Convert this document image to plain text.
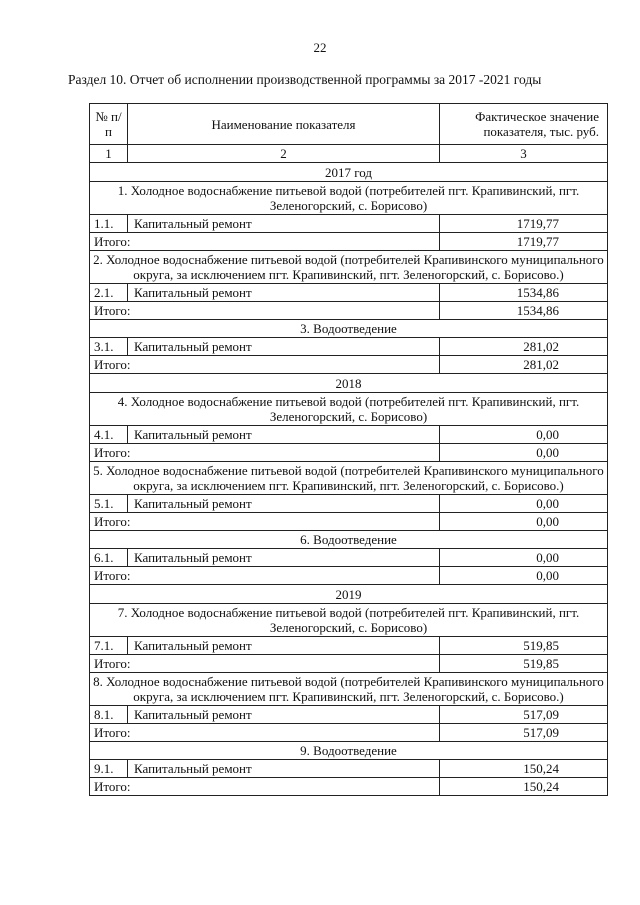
22
Раздел 10. Отчет об исполнении производственной программы за 2017 -2021 годы
№ п/п	Наименование показателя	Фактическое значение показателя, тыс. руб.
1	2	3
2017 год		
1. Холодное водоснабжение питьевой водой (потребителей пгт. Крапивинский, пгт. Зеленогорский, с. Борисово)		
1.1.	Капитальный ремонт	1719,77
Итого:		1719,77
2. Холодное водоснабжение питьевой водой (потребителей Крапивинского муниципального округа, за исключением пгт. Крапивинский, пгт. Зеленогорский, с. Борисово.)		
2.1.	Капитальный ремонт	1534,86
Итого:		1534,86
3. Водоотведение		
3.1.	Капитальный ремонт	281,02
Итого:		281,02
2018		
4. Холодное водоснабжение питьевой водой (потребителей пгт. Крапивинский, пгт. Зеленогорский, с. Борисово)		
4.1.	Капитальный ремонт	0,00
Итого:		0,00
5. Холодное водоснабжение питьевой водой (потребителей Крапивинского муниципального округа, за исключением пгт. Крапивинский, пгт. Зеленогорский, с. Борисово.)		
5.1.	Капитальный ремонт	0,00
Итого:		0,00
6. Водоотведение		
6.1.	Капитальный ремонт	0,00
Итого:		0,00
2019		
7. Холодное водоснабжение питьевой водой (потребителей пгт. Крапивинский, пгт. Зеленогорский, с. Борисово)		
7.1.	Капитальный ремонт	519,85
Итого:		519,85
8. Холодное водоснабжение питьевой водой (потребителей Крапивинского муниципального округа, за исключением пгт. Крапивинский, пгт. Зеленогорский, с. Борисово.)		
8.1.	Капитальный ремонт	517,09
Итого:		517,09
9. Водоотведение		
9.1.	Капитальный ремонт	150,24
Итого:		150,24
